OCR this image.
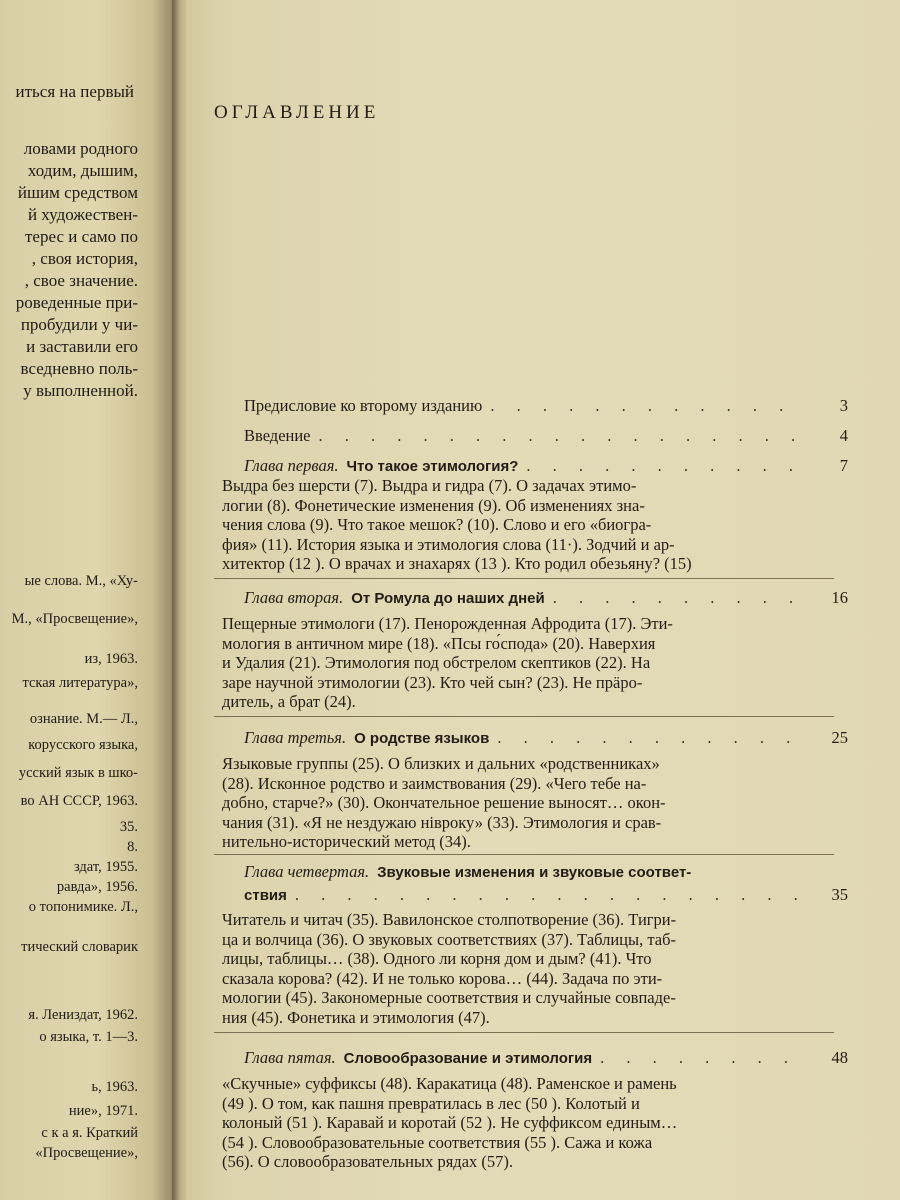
иться на первый
ловами родного
ходим, дышим,
йшим средством
й художествен-
терес и само по
, своя история,
, свое значение.
роведенные при-
пробудили у чи-
и заставили его
вседневно поль-
у выполненной.
ые слова. М., «Ху-
М., «Просвещение»,
из, 1963.
тская литература»,
ознание. М.— Л.,
корусского языка,
усский язык в шко-
во АН СССР, 1963.
35.
8.
здат, 1955.
равда», 1956.
о топонимике. Л.,
тический словарик
я. Лениздат, 1962.
о языка, т. 1—3.
ь, 1963.
ние», 1971.
с к а я. Краткий
«Просвещение»,
ОГЛАВЛЕНИЕ
Предисловие ко второму изданию . . .	3
Введение . . .	4
Глава первая. Что такое этимология? . . .	7
Выдра без шерсти (7). Выдра и гидра (7). О задачах этимо-
логии (8). Фонетические изменения (9). Об изменениях зна-
чения слова (9). Что такое мешок? (10). Слово и его «биогра-
фия» (11). История языка и этимология слова (11·). Зодчий и ар-
хитектор (12 ). О врачах и знахарях (13 ). Кто родил обезьяну? (15)
Глава вторая. От Ромула до наших дней . . .	16
Пещерные этимологи (17). Пенорожденная Афродита (17). Эти-
мология в античном мире (18). «Псы го́спода» (20). Наверхия
и Удалия (21). Этимология под обстрелом скептиков (22). На
заре научной этимологии (23). Кто чей сын? (23). Не прäро-
дитель, а брат (24).
Глава третья. О родстве языков . . .	25
Языковые группы (25). О близких и дальних «родственниках»
(28). Исконное родство и заимствования (29). «Чего тебе на-
добно, старче?» (30). Окончательное решение выносят… окон-
чания (31). «Я не нездужаю нівроку» (33). Этимология и срав-
нительно-исторический метод (34).
Глава четвертая. Звуковые изменения и звуковые соответ-
ствия . . .	35
Читатель и читач (35). Вавилонское столпотворение (36). Тигри-
ца и волчица (36). О звуковых соответствиях (37). Таблицы, таб-
лицы, таблицы… (38). Одного ли корня дом и дым? (41). Что
сказала корова? (42). И не только корова… (44). Задача по эти-
мологии (45). Закономерные соответствия и случайные совпаде-
ния (45). Фонетика и этимология (47).
Глава пятая. Словообразование и этимология . . .	48
«Скучные» суффиксы (48). Каракатица (48). Раменское и рамень
(49 ). О том, как пашня превратилась в лес (50 ). Колотый и
колоный (51 ). Каравай и коротай (52 ). Не суффиксом единым…
(54 ). Словообразовательные соответствия (55 ). Сажа и кожа
(56). О словообразовательных рядах (57).
